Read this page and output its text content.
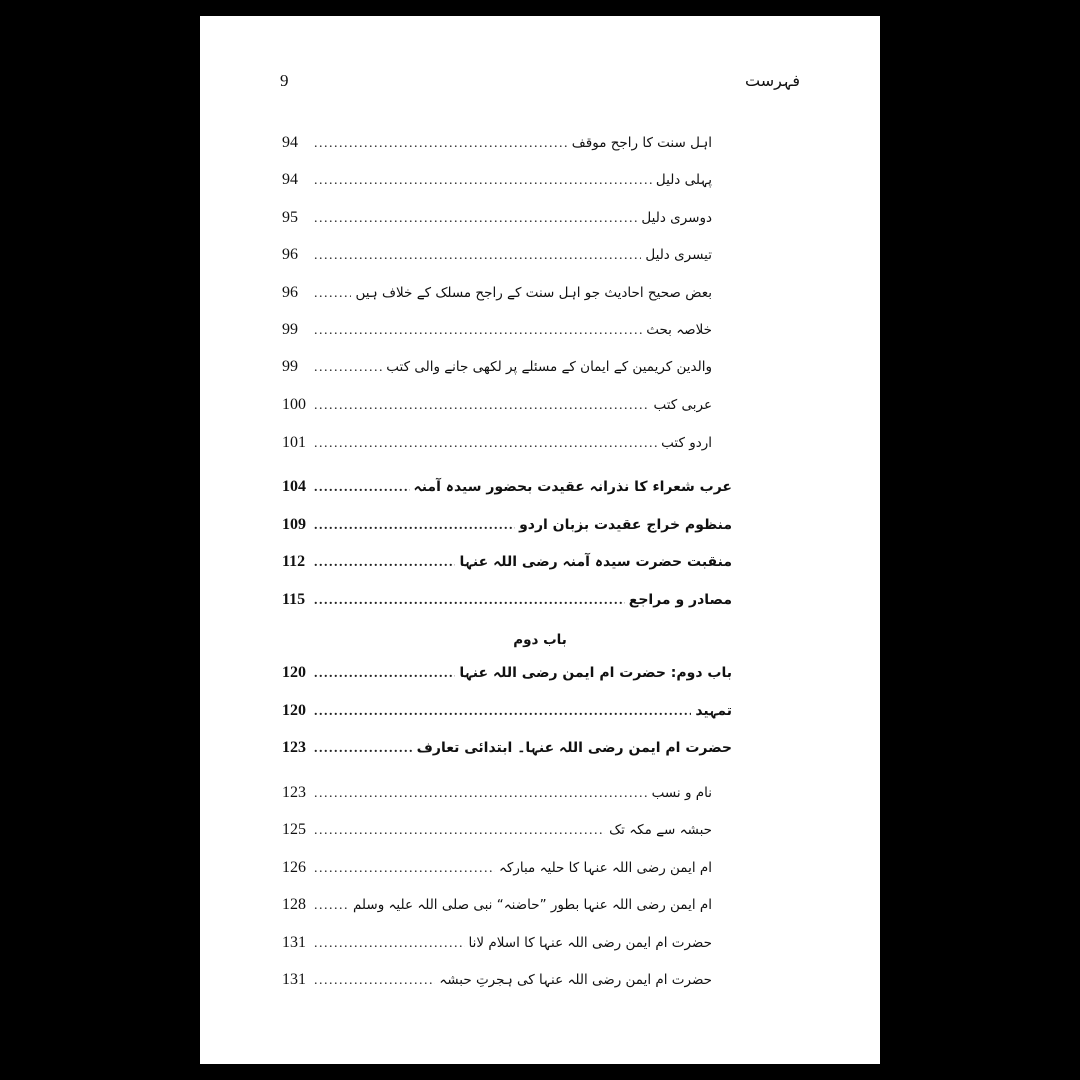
9	فہرست
اہل سنت کا راجح موقف
.....
94
پہلی دلیل
.....
94
دوسری دلیل
.....
95
تیسری دلیل
.....
96
بعض صحیح احادیث جو اہل سنت کے راجح مسلک کے خلاف ہیں
.....
96
خلاصہ بحث
.....
99
والدین کریمین کے ایمان کے مسئلے پر لکھی جانے والی کتب
.....
99
عربی کتب
.....
100
اردو کتب
.....
101
عرب شعراء کا نذرانہ عقیدت بحضور سیدہ آمنہ
.....
104
منظوم خراج عقیدت بزبان اردو
.....
109
منقبت حضرت سیدہ آمنہ رضی اللہ عنہا
.....
112
مصادر و مراجع
.....
115
باب دوم: حضرت ام ایمن رضی اللہ عنہا
.....
120
تمہید
.....
120
حضرت ام ایمن رضی اللہ عنہا۔ ابتدائی تعارف
.....
123
نام و نسب
.....
123
حبشہ سے مکہ تک
.....
125
ام ایمن رضی اللہ عنہا کا حلیہ مبارکہ
.....
126
ام ایمن رضی اللہ عنہا بطور ”حاضنہ“ نبی صلی اللہ علیہ وسلم
.....
128
حضرت ام ایمن رضی اللہ عنہا کا اسلام لانا
.....
131
حضرت ام ایمن رضی اللہ عنہا کی ہجرتِ حبشہ
.....
131
باب دوم
